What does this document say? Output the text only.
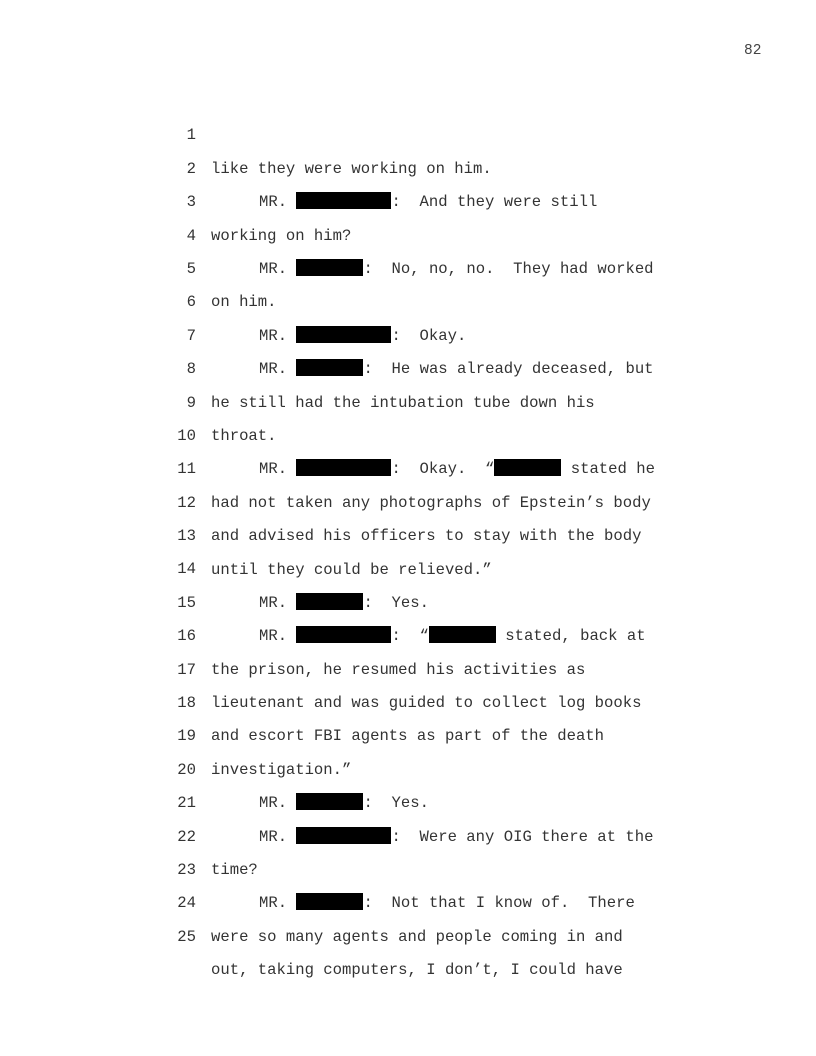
82

1

like they were working on him.

2

MR.	:  And they were still

3

working on him?

4

MR.	:  No, no, no.  They had worked

5

on him.

6

MR.	:  Okay.

7

MR.	:  He was already deceased, but

8

he still had the intubation tube down his

9

throat.

10

MR.	:  Okay.  “	stated he

11

had not taken any photographs of Epstein’s body

12

and advised his officers to stay with the body

13

until they could be relieved.”

14

MR.	:  Yes.

15

MR.	:  “	stated, back at

16

the prison, he resumed his activities as

17

lieutenant and was guided to collect log books

18

and escort FBI agents as part of the death

19

investigation.”

20

MR.	:  Yes.

21

MR.	:  Were any OIG there at the

22

time?

23

MR.	:  Not that I know of.  There

24

were so many agents and people coming in and

25

out, taking computers, I don’t, I could have
